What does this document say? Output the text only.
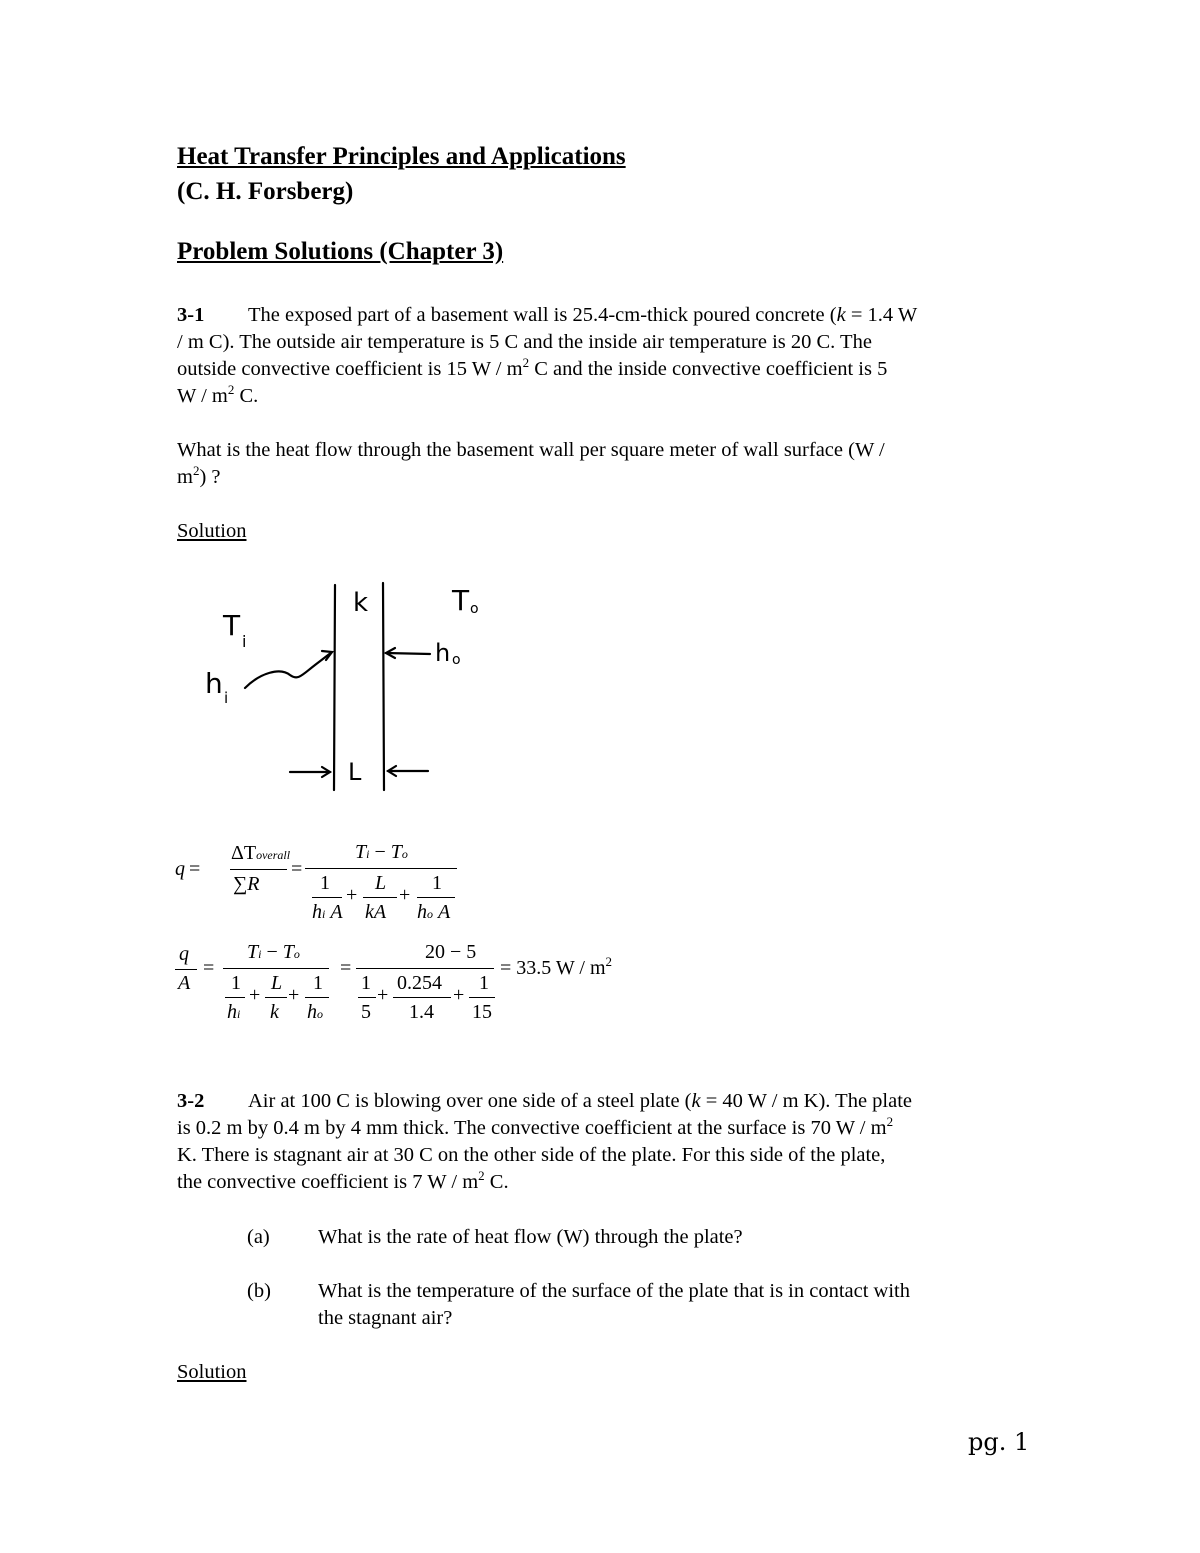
Heat Transfer Principles and Applications
(C. H. Forsberg)
Problem Solutions (Chapter 3)
3-1 The exposed part of a basement wall is 25.4-cm-thick poured concrete (k = 1.4 W
/ m C). The outside air temperature is 5 C and the inside air temperature is 20 C. The
outside convective coefficient is 15 W / $m^2$ C and the inside convective coefficient is 5
W / $m^2$ C.
What is the heat flow through the basement wall per square meter of wall surface (W /
$m^2$) ?
Solution
k	T o
T i
h i
h o
L
q =
ΔToverall
∑R
=
Ti − To
1
hi A
+
L
kA
+
1
ho A
q
A
=
Ti − To
1
hi
+
L
k
+
1
ho
=
20 − 5
1
5
+
0.254
1.4
+
1
15
= 33.5 W / $m^2$
3-2 Air at 100 C is blowing over one side of a steel plate (k = 40 W / m K). The plate
is 0.2 m by 0.4 m by 4 mm thick. The convective coefficient at the surface is 70 W / $m^2$
K. There is stagnant air at 30 C on the other side of the plate. For this side of the plate,
the convective coefficient is 7 W / $m^2$ C.
(a) What is the rate of heat flow (W) through the plate?
(b) What is the temperature of the surface of the plate that is in contact with
the stagnant air?
Solution
pg. 1
